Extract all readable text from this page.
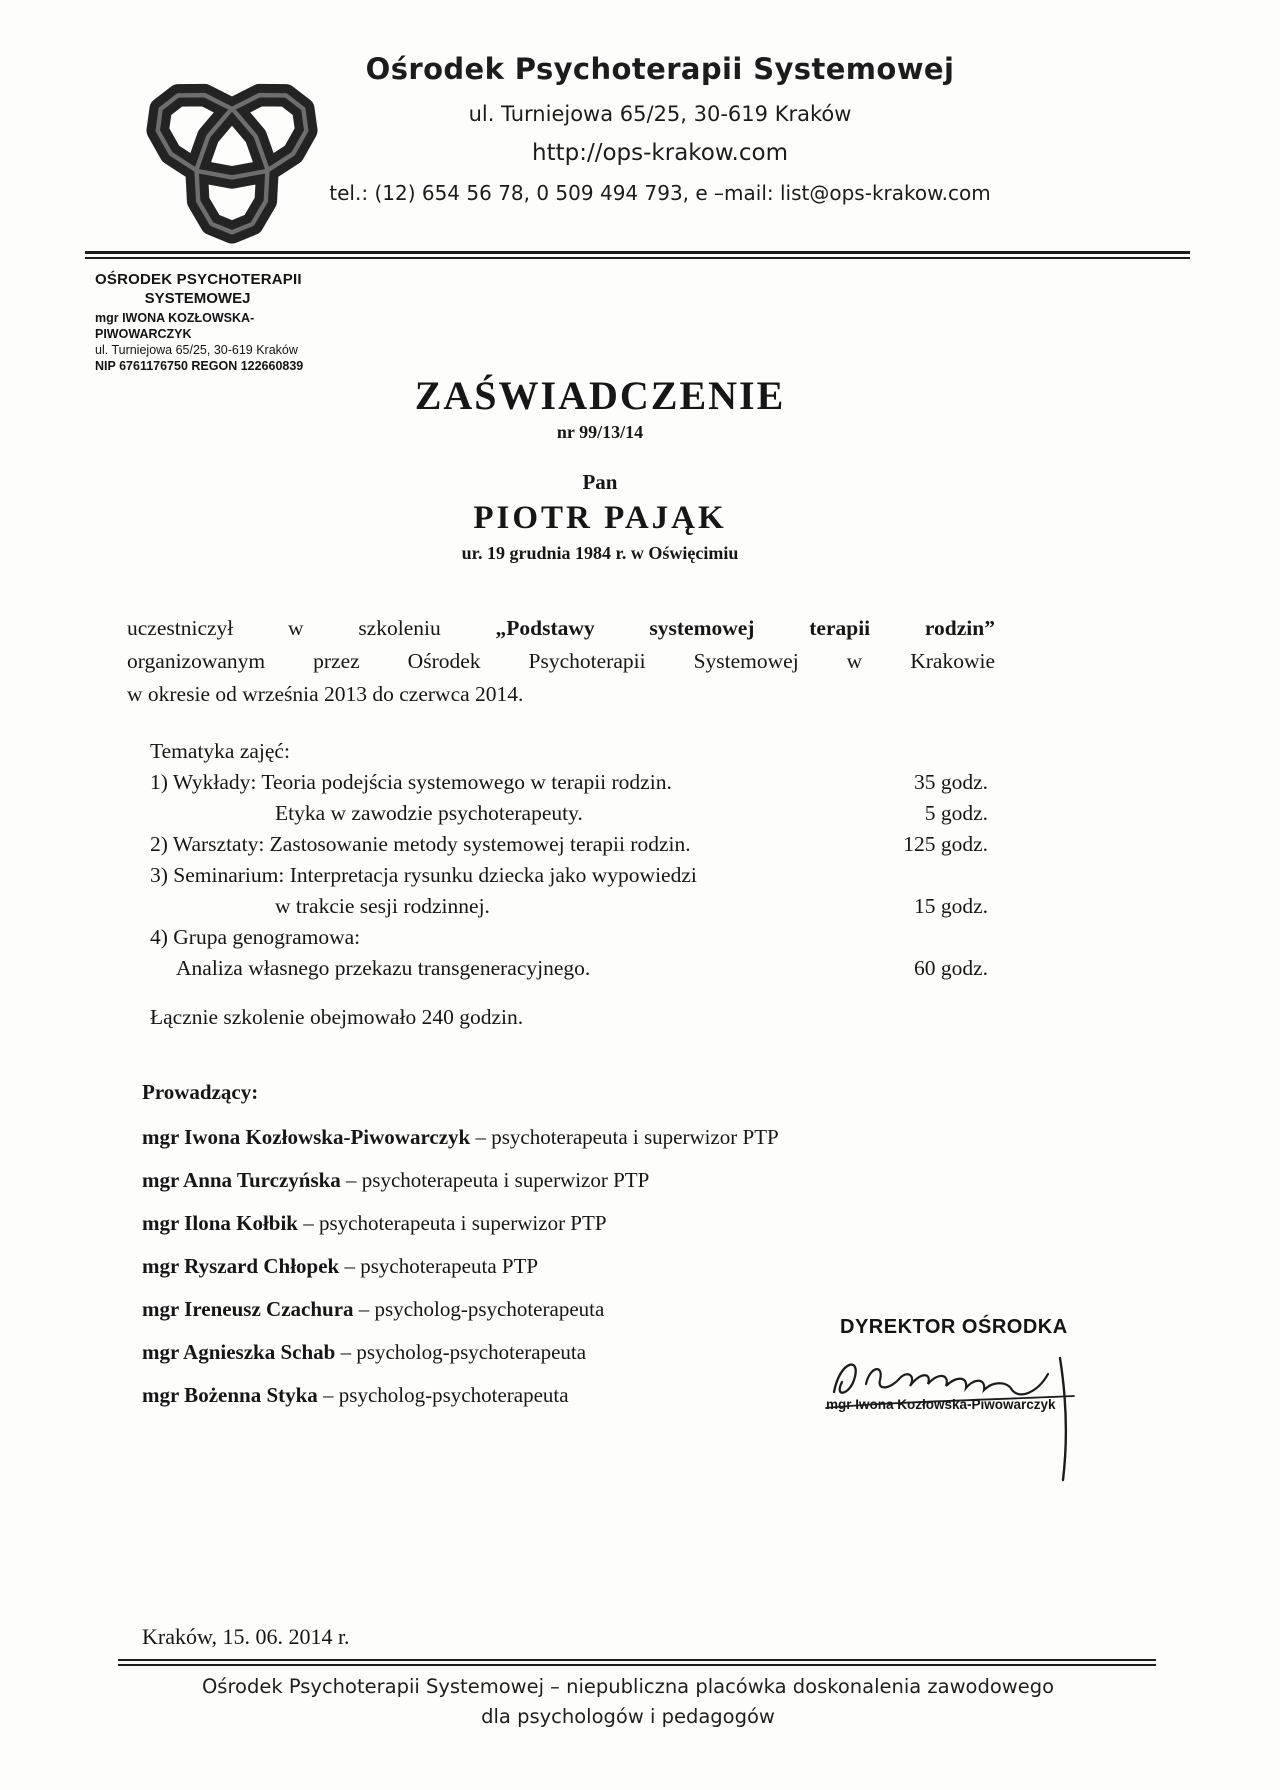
Ośrodek Psychoterapii Systemowej
ul. Turniejowa 65/25, 30-619 Kraków
http://ops-krakow.com
tel.: (12) 654 56 78, 0 509 494 793, e –mail: list@ops-krakow.com
OŚRODEK PSYCHOTERAPII
SYSTEMOWEJ
mgr IWONA KOZŁOWSKA-PIWOWARCZYK
ul. Turniejowa 65/25, 30-619 Kraków
NIP 6761176750 REGON 122660839
ZAŚWIADCZENIE
nr 99/13/14
Pan
PIOTR PAJĄK
ur. 19 grudnia 1984 r. w Oświęcimiu
uczestniczył w szkoleniu „Podstawy systemowej terapii rodzin”
organizowanym przez Ośrodek Psychoterapii Systemowej w Krakowie
w okresie od września 2013 do czerwca 2014.
Tematyka zajęć:
1) Wykłady: Teoria podejścia systemowego w terapii rodzin.	35 godz.
Etyka w zawodzie psychoterapeuty.	5 godz.
2) Warsztaty: Zastosowanie metody systemowej terapii rodzin.	125 godz.
3) Seminarium: Interpretacja rysunku dziecka jako wypowiedzi
w trakcie sesji rodzinnej.	15 godz.
4) Grupa genogramowa:
Analiza własnego przekazu transgeneracyjnego.	60 godz.
Łącznie szkolenie obejmowało 240 godzin.
Prowadzący:
mgr Iwona Kozłowska-Piwowarczyk – psychoterapeuta i superwizor PTP
mgr Anna Turczyńska – psychoterapeuta i superwizor PTP
mgr Ilona Kołbik – psychoterapeuta i superwizor PTP
mgr Ryszard Chłopek – psychoterapeuta PTP
mgr Ireneusz Czachura – psycholog-psychoterapeuta
mgr Agnieszka Schab – psycholog-psychoterapeuta
mgr Bożenna Styka – psycholog-psychoterapeuta
DYREKTOR OŚRODKA
mgr Iwona Kozłowska-Piwowarczyk
Kraków, 15. 06. 2014 r.
Ośrodek Psychoterapii Systemowej – niepubliczna placówka doskonalenia zawodowego
dla psychologów i pedagogów
